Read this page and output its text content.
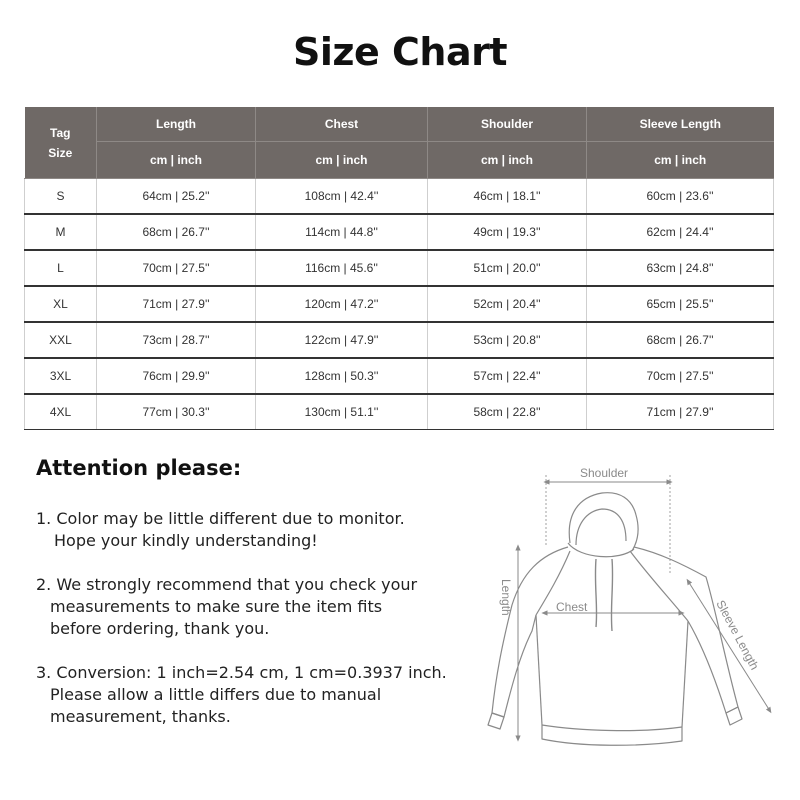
Size Chart
Tag
Size	Length	Chest	Shoulder	Sleeve Length
	cm | inch	cm | inch	cm | inch	cm | inch
S	64cm | 25.2''	108cm | 42.4''	46cm | 18.1''	60cm | 23.6''
M	68cm | 26.7''	114cm | 44.8''	49cm | 19.3''	62cm | 24.4''
L	70cm | 27.5''	116cm | 45.6''	51cm | 20.0''	63cm | 24.8''
XL	71cm | 27.9''	120cm | 47.2''	52cm | 20.4''	65cm | 25.5''
XXL	73cm | 28.7''	122cm | 47.9''	53cm | 20.8''	68cm | 26.7''
3XL	76cm | 29.9''	128cm | 50.3''	57cm | 22.4''	70cm | 27.5''
4XL	77cm | 30.3''	130cm | 51.1''	58cm | 22.8''	71cm | 27.9''
Attention please:
1. Color may be little different due to monitor.
Hope your kindly understanding!
2. We strongly recommend that you check your
measurements to make sure the item fits
before ordering, thank you.
3. Conversion: 1 inch=2.54 cm, 1 cm=0.3937 inch.
Please allow a little differs due to manual
measurement, thanks.
Shoulder
Length	Chest	Sleeve Length
